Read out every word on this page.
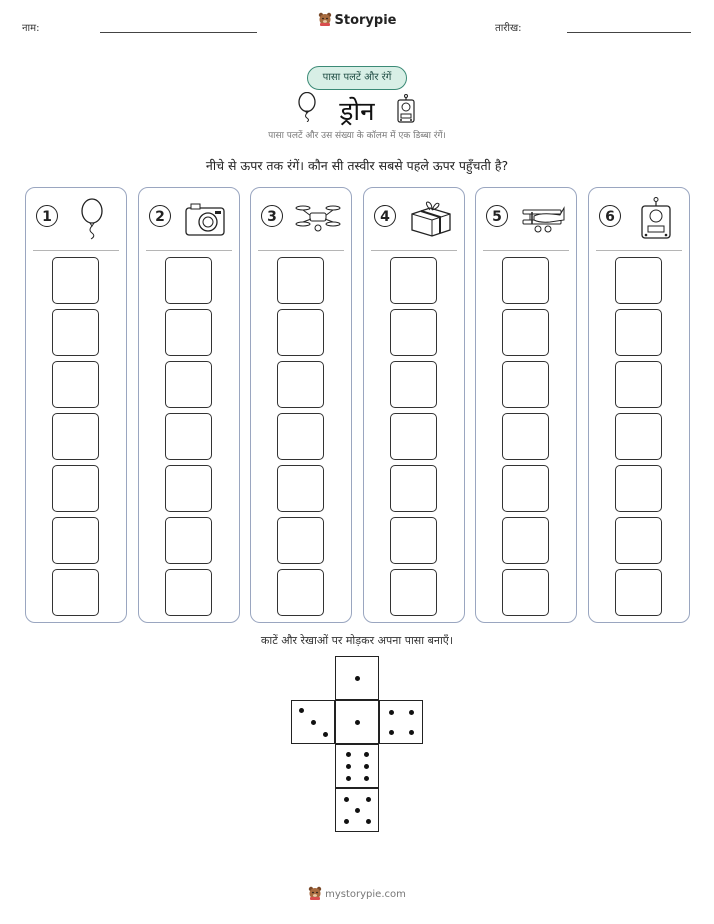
नाम:
Storypie
तारीख:
पासा पलटें और रंगें
ड्रोन
पासा पलटें और उस संख्या के कॉलम में एक डिब्बा रंगें।
नीचे से ऊपर तक रंगें। कौन सी तस्वीर सबसे पहले ऊपर पहुँचती है?
1	2	3	4	5	6
काटें और रेखाओं पर मोड़कर अपना पासा बनाएँ।
mystorypie.com
